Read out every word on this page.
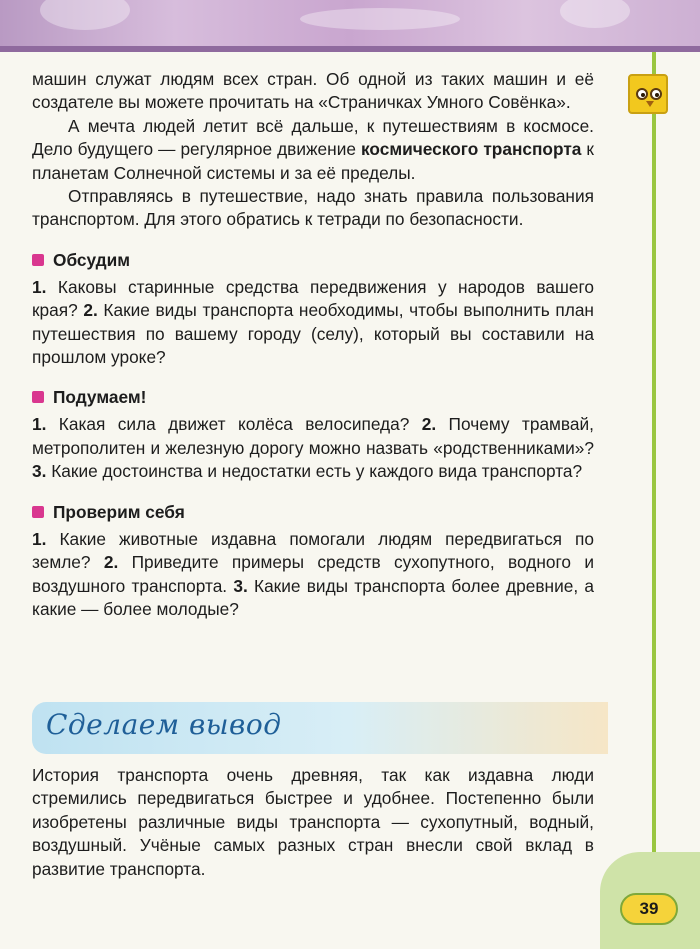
машин служат людям всех стран. Об одной из таких машин и её создателе вы можете прочитать на «Страничках Умного Совёнка».

А мечта людей летит всё дальше, к путешествиям в космосе. Дело будущего — регулярное движение космического транспорта к планетам Солнечной системы и за её пределы.

Отправляясь в путешествие, надо знать правила пользования транспортом. Для этого обратись к тетради по безопасности.

Обсудим

1. Каковы старинные средства передвижения у народов вашего края? 2. Какие виды транспорта необходимы, чтобы выполнить план путешествия по вашему городу (селу), который вы составили на прошлом уроке?

Подумаем!

1. Какая сила движет колёса велосипеда? 2. Почему трамвай, метрополитен и железную дорогу можно назвать «родственниками»? 3. Какие достоинства и недостатки есть у каждого вида транспорта?

Проверим себя

1. Какие животные издавна помогали людям передвигаться по земле? 2. Приведите примеры средств сухопутного, водного и воздушного транспорта. 3. Какие виды транспорта более древние, а какие — более молодые?

Сделаем вывод

История транспорта очень древняя, так как издавна люди стремились передвигаться быстрее и удобнее. Постепенно были изобретены различные виды транспорта — сухопутный, водный, воздушный. Учёные самых разных стран внесли свой вклад в развитие транспорта.

39
